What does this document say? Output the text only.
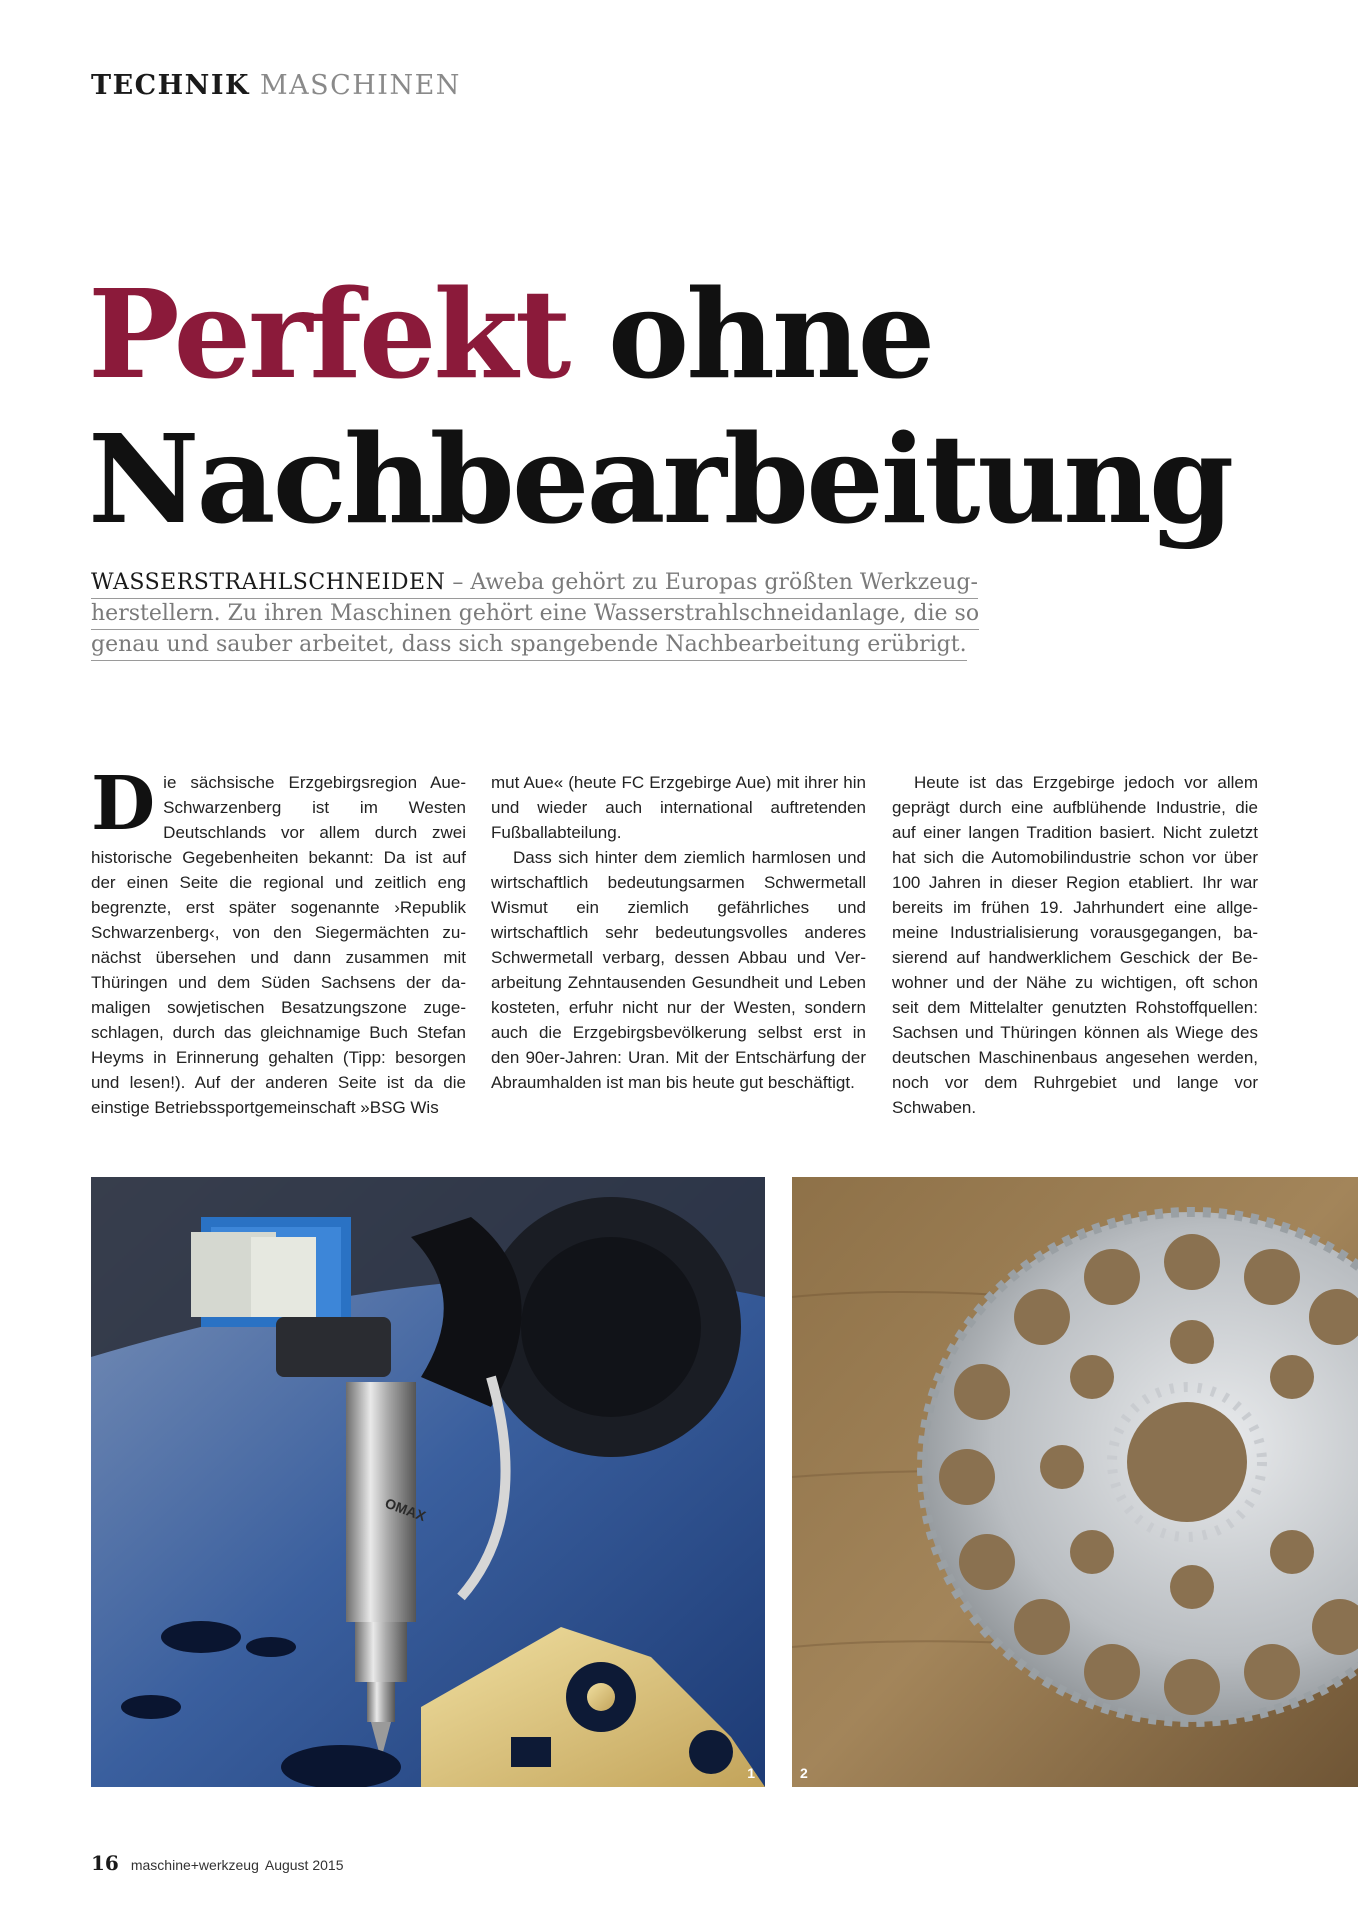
TECHNIK MASCHINEN
Perfekt ohne
Nachbearbeitung
WASSERSTRAHLSCHNEIDEN – Aweba gehört zu Europas größten Werkzeug-
herstellern. Zu ihren Maschinen gehört eine Wasserstrahlschneidanlage, die so
genau und sauber arbeitet, dass sich spangebende Nachbearbeitung erübrigt.

Die sächsische Erzgebirgsregion Aue-Schwarzenberg ist im Westen Deutschlands vor allem durch zwei historische Gegebenheiten bekannt: Da ist auf der einen Seite die regional und zeitlich eng begrenzte, erst später sogenannte ›Republik Schwarzenberg‹, von den Siegermächten zunächst übersehen und dann zusammen mit Thüringen und dem Süden Sachsens der damaligen sowjetischen Besatzungszone zugeschlagen, durch das gleichnamige Buch Stefan Heyms in Erinnerung gehalten (Tipp: besorgen und lesen!). Auf der anderen Seite ist da die einstige Betriebssportgemeinschaft »BSG Wis

mut Aue« (heute FC Erzgebirge Aue) mit ihrer hin und wieder auch international auftretenden Fußballabteilung.

Dass sich hinter dem ziemlich harmlosen und wirtschaftlich bedeutungsarmen Schwermetall Wismut ein ziemlich gefährliches und wirtschaftlich sehr bedeutungsvolles anderes Schwermetall verbarg, dessen Abbau und Verarbeitung Zehntausenden Gesundheit und Leben kosteten, erfuhr nicht nur der Westen, sondern auch die Erzgebirgsbevölkerung selbst erst in den 90er-Jahren: Uran. Mit der Entschärfung der Abraumhalden ist man bis heute gut beschäftigt.

Heute ist das Erzgebirge jedoch vor allem geprägt durch eine aufblühende Industrie, die auf einer langen Tradition basiert. Nicht zuletzt hat sich die Automobilindustrie schon vor über 100 Jahren in dieser Region etabliert. Ihr war bereits im frühen 19. Jahrhundert eine allgemeine Industrialisierung vorausgegangen, basierend auf handwerklichem Geschick der Bewohner und der Nähe zu wichtigen, oft schon seit dem Mittelalter genutzten Rohstoffquellen: Sachsen und Thüringen können als Wiege des deutschen Maschinenbaus angesehen werden, noch vor dem Ruhrgebiet und lange vor Schwaben.

OMAX
1	2
16 maschine+werkzeug August 2015
